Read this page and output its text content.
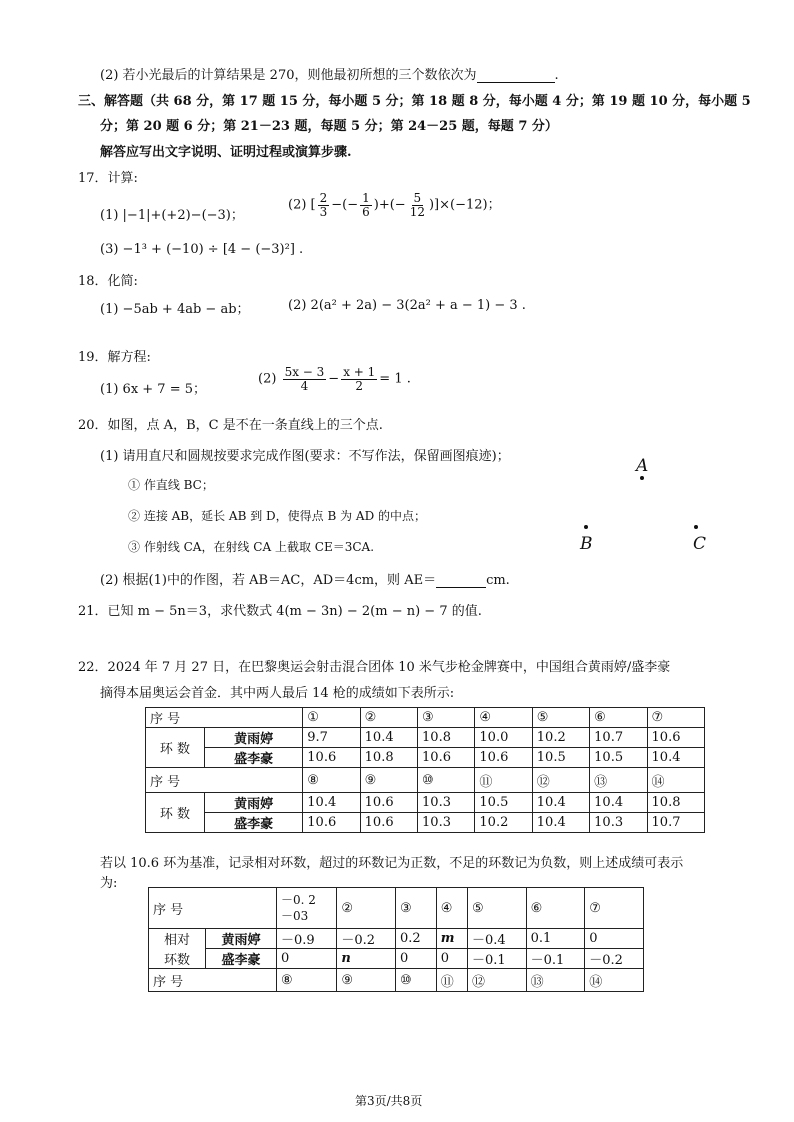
(2) 若小光最后的计算结果是 270，则他最初所想的三个数依次为	.
三、解答题（共 68 分，第 17 题 15 分，每小题 5 分；第 18 题 8 分，每小题 4 分；第 19 题 10 分，每小题 5
分；第 20 题 6 分；第 21－23 题，每题 5 分；第 24－25 题，每题 7 分）
解答应写出文字说明、证明过程或演算步骤.
17．计算:
(1) |−1|+(+2)−(−3)；
(2) [ $\frac{2}{3}$ −(− $\frac{1}{6}$ )+(− $\frac{5}{12} )]\times(-12)$；
(3) −1³ + (−10) ÷ [4 − (−3)²] .
18．化简:
(1) −5ab + 4ab − ab；	(2) 2(a² + 2a) − 3(2a² + a − 1) − 3 .
19．解方程:
(1) 6x + 7 = 5；
$(2) \frac{5x - 3}{4} - \frac{x + 1}{2} = 1$ .
20．如图，点 A，B，C 是不在一条直线上的三个点.
(1) 请用直尺和圆规按要求完成作图(要求：不写作法，保留画图痕迹)；
① 作直线 BC；
② 连接 AB，延长 AB 到 D，使得点 B 为 AD 的中点；
③ 作射线 CA，在射线 CA 上截取 CE＝3CA.
(2) 根据(1)中的作图，若 AB＝AC，AD＝4cm，则 AE＝	cm.
A
B	C
21．已知 m − 5n＝3，求代数式 4(m − 3n) − 2(m − n) − 7 的值.
22．2024 年 7 月 27 日，在巴黎奥运会射击混合团体 10 米气步枪金牌赛中，中国组合黄雨婷/盛李豪
摘得本届奥运会首金．其中两人最后 14 枪的成绩如下表所示:
序 号		①	②	③	④	⑤	⑥	⑦
环 数	黄雨婷	9.7	10.4	10.8	10.0	10.2	10.7	10.6
	盛李豪	10.6	10.8	10.6	10.6	10.5	10.5	10.4
序 号		⑧	⑨	⑩	⑪	⑫	⑬	⑭
环 数	黄雨婷	10.4	10.6	10.3	10.5	10.4	10.4	10.8
	盛李豪	10.6	10.6	10.3	10.2	10.4	10.3	10.7
若以 10.6 环为基准，记录相对环数，超过的环数记为正数，不足的环数记为负数，则上述成绩可表示
为:
序 号		－0. 2
－03	②	③	④	⑤	⑥	⑦
相对	黄雨婷	－0.9	－0.2	0.2	m	－0.4	0.1	0
环数	盛李豪	0	n	0	0	－0.1	－0.1	－0.2
序 号		⑧	⑨	⑩	⑪	⑫	⑬	⑭
第3页/共8页
